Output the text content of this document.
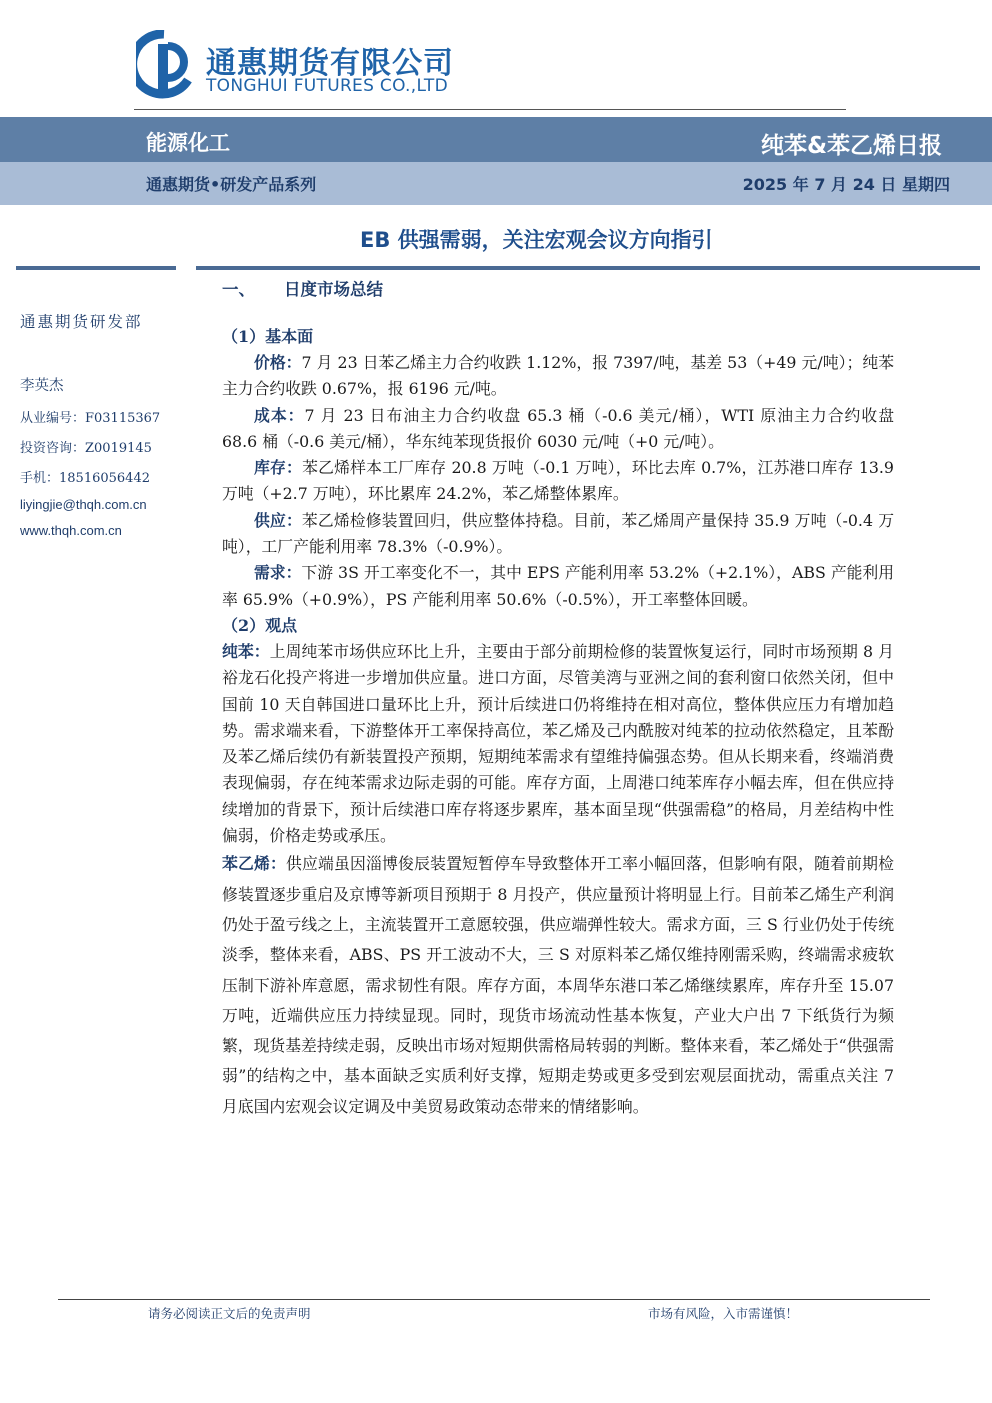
通惠期货有限公司
TONGHUI FUTURES CO.,LTD
能源化工	纯苯&苯乙烯日报
通惠期货•研发产品系列	2025 年 7 月 24 日 星期四
EB 供强需弱，关注宏观会议方向指引
通惠期货研发部
李英杰
从业编号：F03115367
投资咨询：Z0019145
手机：18516056442
liyingjie@thqh.com.cn
www.thqh.com.cn
一、 日度市场总结
（1）基本面

价格：7 月 23 日苯乙烯主力合约收跌 1.12%，报 7397/吨，基差 53（+49 元/吨）；纯苯主力合约收跌 0.67%，报 6196 元/吨。

成本：7 月 23 日布油主力合约收盘 65.3 桶（-0.6 美元/桶），WTI 原油主力合约收盘 68.6 桶（-0.6 美元/桶），华东纯苯现货报价 6030 元/吨（+0 元/吨）。

库存：苯乙烯样本工厂库存 20.8 万吨（-0.1 万吨），环比去库 0.7%，江苏港口库存 13.9 万吨（+2.7 万吨），环比累库 24.2%，苯乙烯整体累库。

供应：苯乙烯检修装置回归，供应整体持稳。目前，苯乙烯周产量保持 35.9 万吨（-0.4 万吨），工厂产能利用率 78.3%（-0.9%）。

需求：下游 3S 开工率变化不一，其中 EPS 产能利用率 53.2%（+2.1%），ABS 产能利用率 65.9%（+0.9%），PS 产能利用率 50.6%（-0.5%），开工率整体回暖。

（2）观点

纯苯：上周纯苯市场供应环比上升，主要由于部分前期检修的装置恢复运行，同时市场预期 8 月裕龙石化投产将进一步增加供应量。进口方面，尽管美湾与亚洲之间的套利窗口依然关闭，但中国前 10 天自韩国进口量环比上升，预计后续进口仍将维持在相对高位，整体供应压力有增加趋势。需求端来看，下游整体开工率保持高位，苯乙烯及己内酰胺对纯苯的拉动依然稳定，且苯酚及苯乙烯后续仍有新装置投产预期，短期纯苯需求有望维持偏强态势。但从长期来看，终端消费表现偏弱，存在纯苯需求边际走弱的可能。库存方面，上周港口纯苯库存小幅去库，但在供应持续增加的背景下，预计后续港口库存将逐步累库，基本面呈现“供强需稳”的格局，月差结构中性偏弱，价格走势或承压。

苯乙烯：供应端虽因淄博俊辰装置短暂停车导致整体开工率小幅回落，但影响有限，随着前期检修装置逐步重启及京博等新项目预期于 8 月投产，供应量预计将明显上行。目前苯乙烯生产利润仍处于盈亏线之上，主流装置开工意愿较强，供应端弹性较大。需求方面，三 S 行业仍处于传统淡季，整体来看，ABS、PS 开工波动不大，三 S 对原料苯乙烯仅维持刚需采购，终端需求疲软压制下游补库意愿，需求韧性有限。库存方面，本周华东港口苯乙烯继续累库，库存升至 15.07 万吨，近端供应压力持续显现。同时，现货市场流动性基本恢复，产业大户出 7 下纸货行为频繁，现货基差持续走弱，反映出市场对短期供需格局转弱的判断。整体来看，苯乙烯处于“供强需弱”的结构之中，基本面缺乏实质利好支撑，短期走势或更多受到宏观层面扰动，需重点关注 7 月底国内宏观会议定调及中美贸易政策动态带来的情绪影响。

请务必阅读正文后的免责声明	市场有风险，入市需谨慎！
